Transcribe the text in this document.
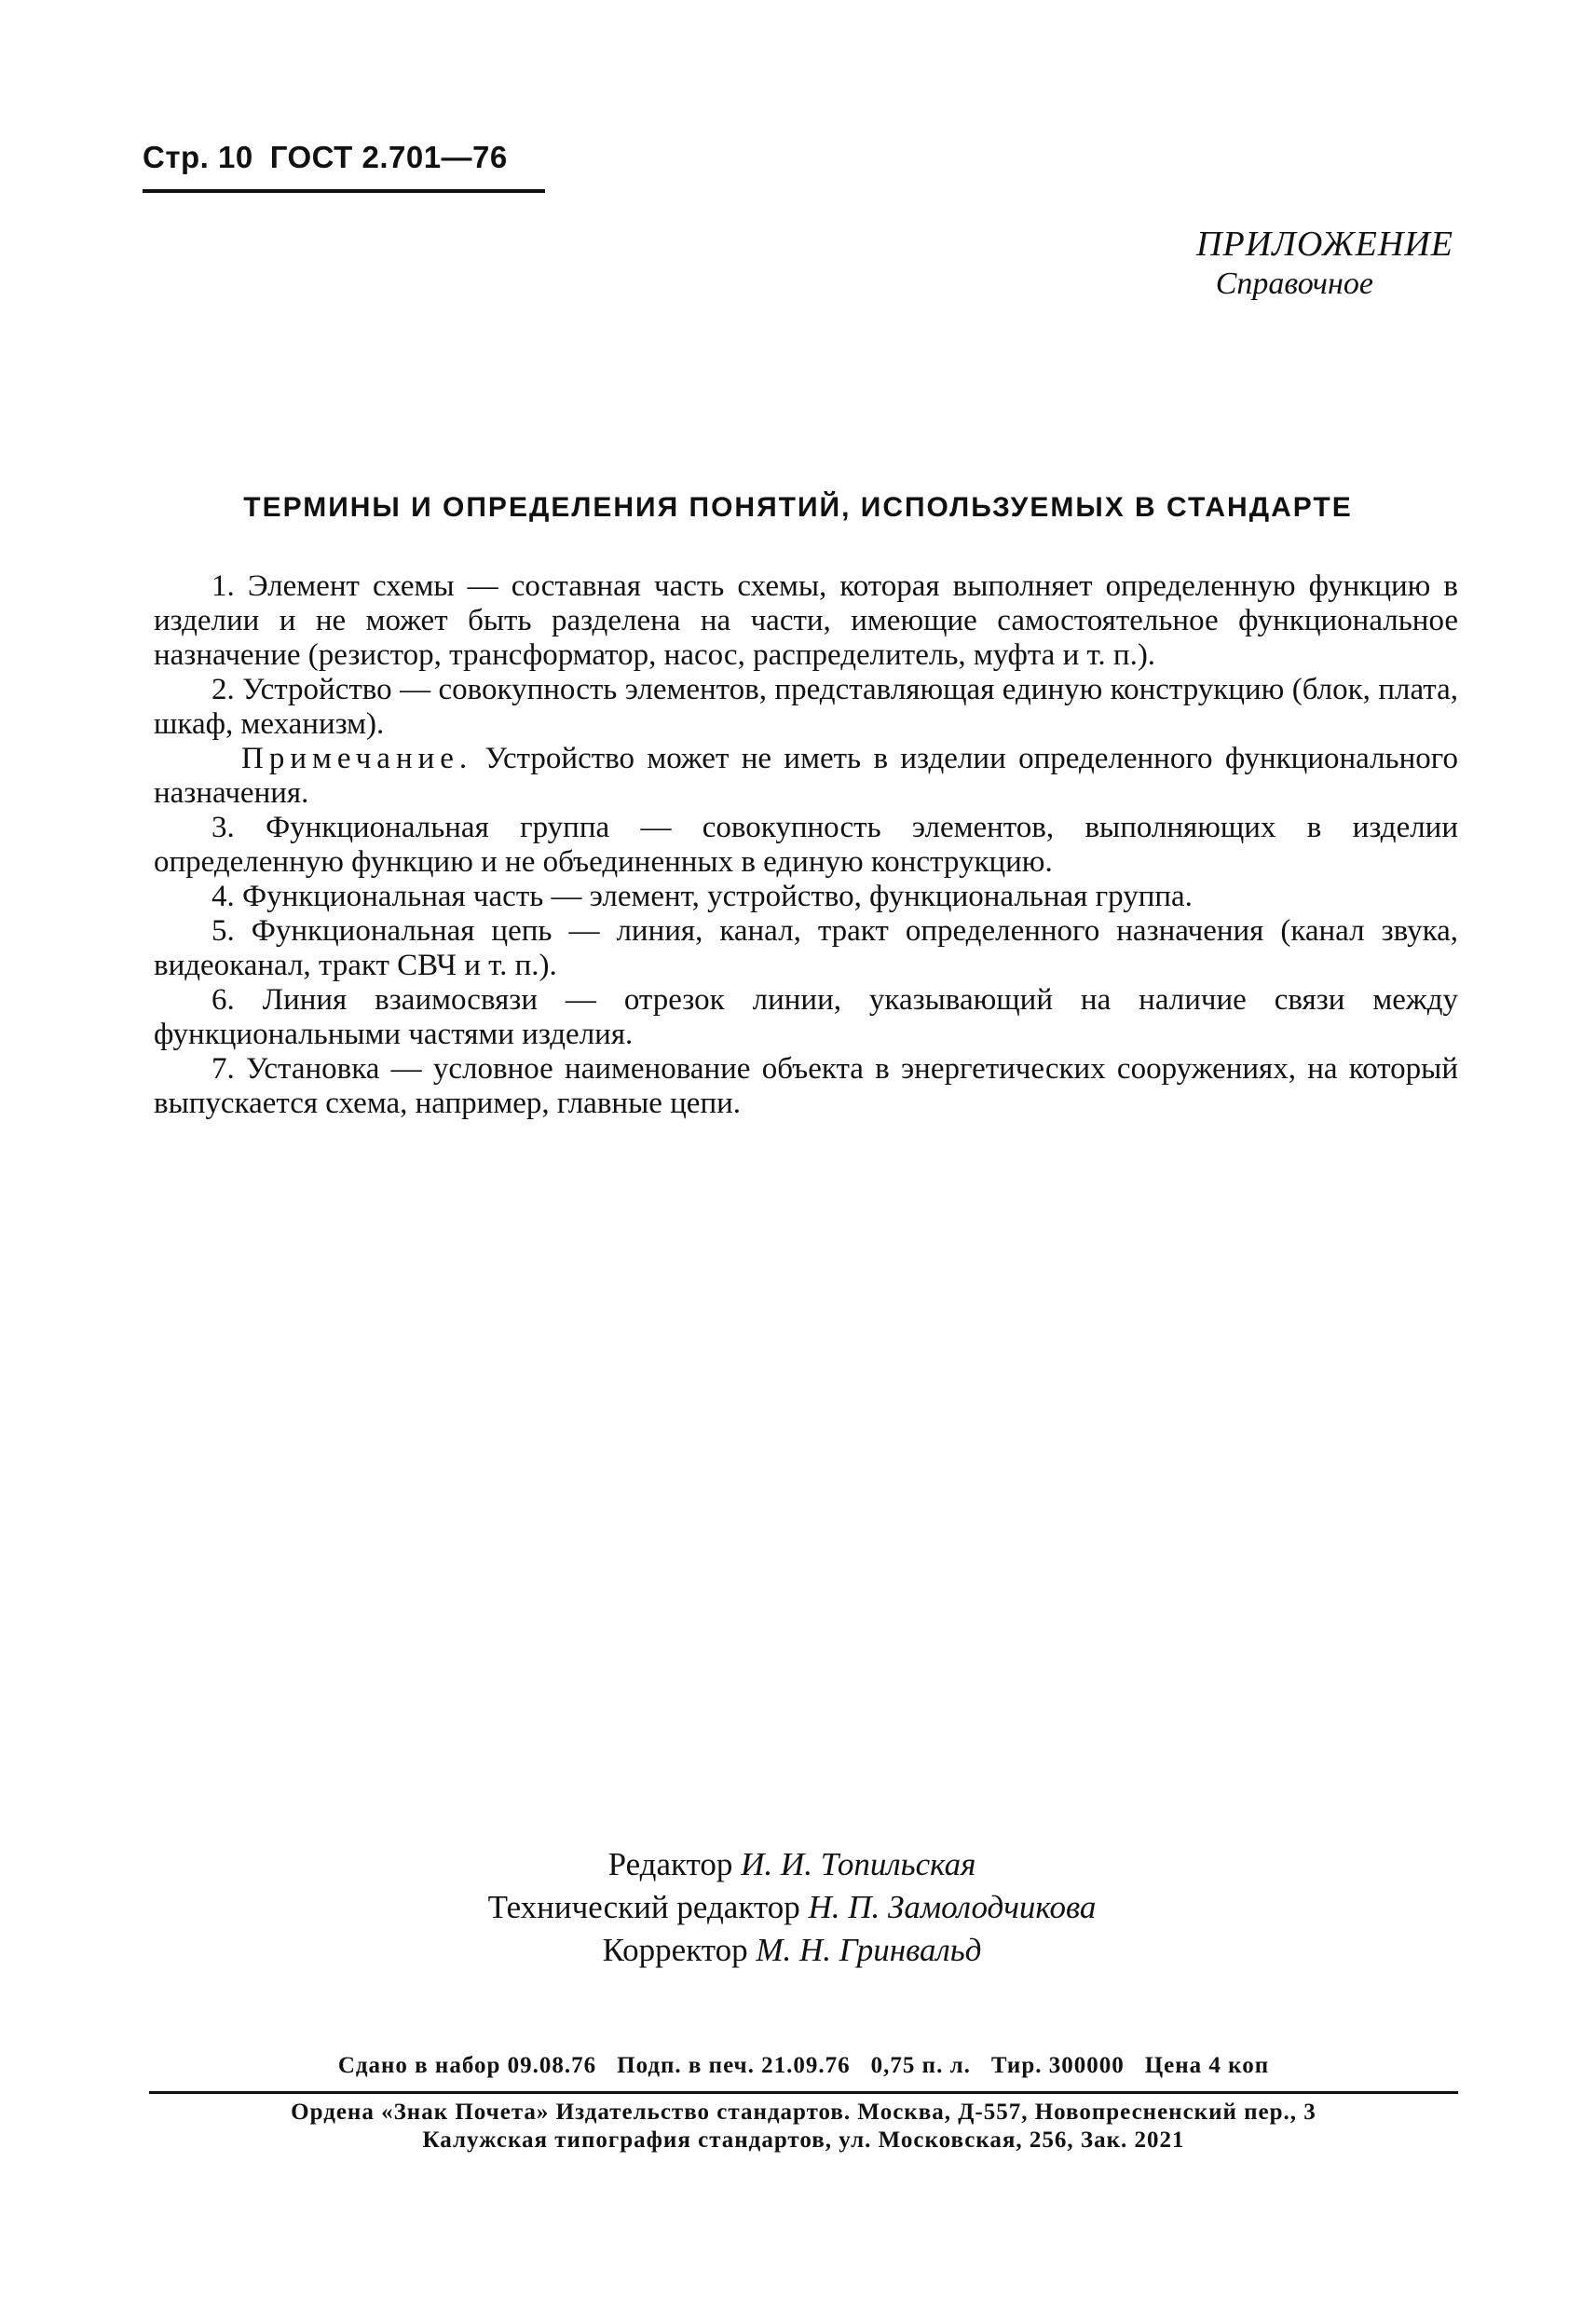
Стр. 10 ГОСТ 2.701—76
ПРИЛОЖЕНИЕ
Справочное
ТЕРМИНЫ И ОПРЕДЕЛЕНИЯ ПОНЯТИЙ, ИСПОЛЬЗУЕМЫХ В СТАНДАРТЕ

1. Элемент схемы — составная часть схемы, которая выполняет определенную функцию в изделии и не может быть разделена на части, имеющие самостоятельное функциональное назначение (резистор, трансформатор, насос, распределитель, муфта и т. п.).

2. Устройство — совокупность элементов, представляющая единую конструкцию (блок, плата, шкаф, механизм).

Примечание. Устройство может не иметь в изделии определенного функционального назначения.

3. Функциональная группа — совокупность элементов, выполняющих в изделии определенную функцию и не объединенных в единую конструкцию.

4. Функциональная часть — элемент, устройство, функциональная группа.

5. Функциональная цепь — линия, канал, тракт определенного назначения (канал звука, видеоканал, тракт СВЧ и т. п.).

6. Линия взаимосвязи — отрезок линии, указывающий на наличие связи между функциональными частями изделия.

7. Установка — условное наименование объекта в энергетических сооружениях, на который выпускается схема, например, главные цепи.

Редактор И. И. Топильская
Технический редактор Н. П. Замолодчикова
Корректор М. Н. Гринвальд
Сдано в набор 09.08.76 Подп. в печ. 21.09.76 0,75 п. л. Тир. 300000 Цена 4 коп
Ордена «Знак Почета» Издательство стандартов. Москва, Д-557, Новопресненский пер., 3
Калужская типография стандартов, ул. Московская, 256, Зак. 2021
